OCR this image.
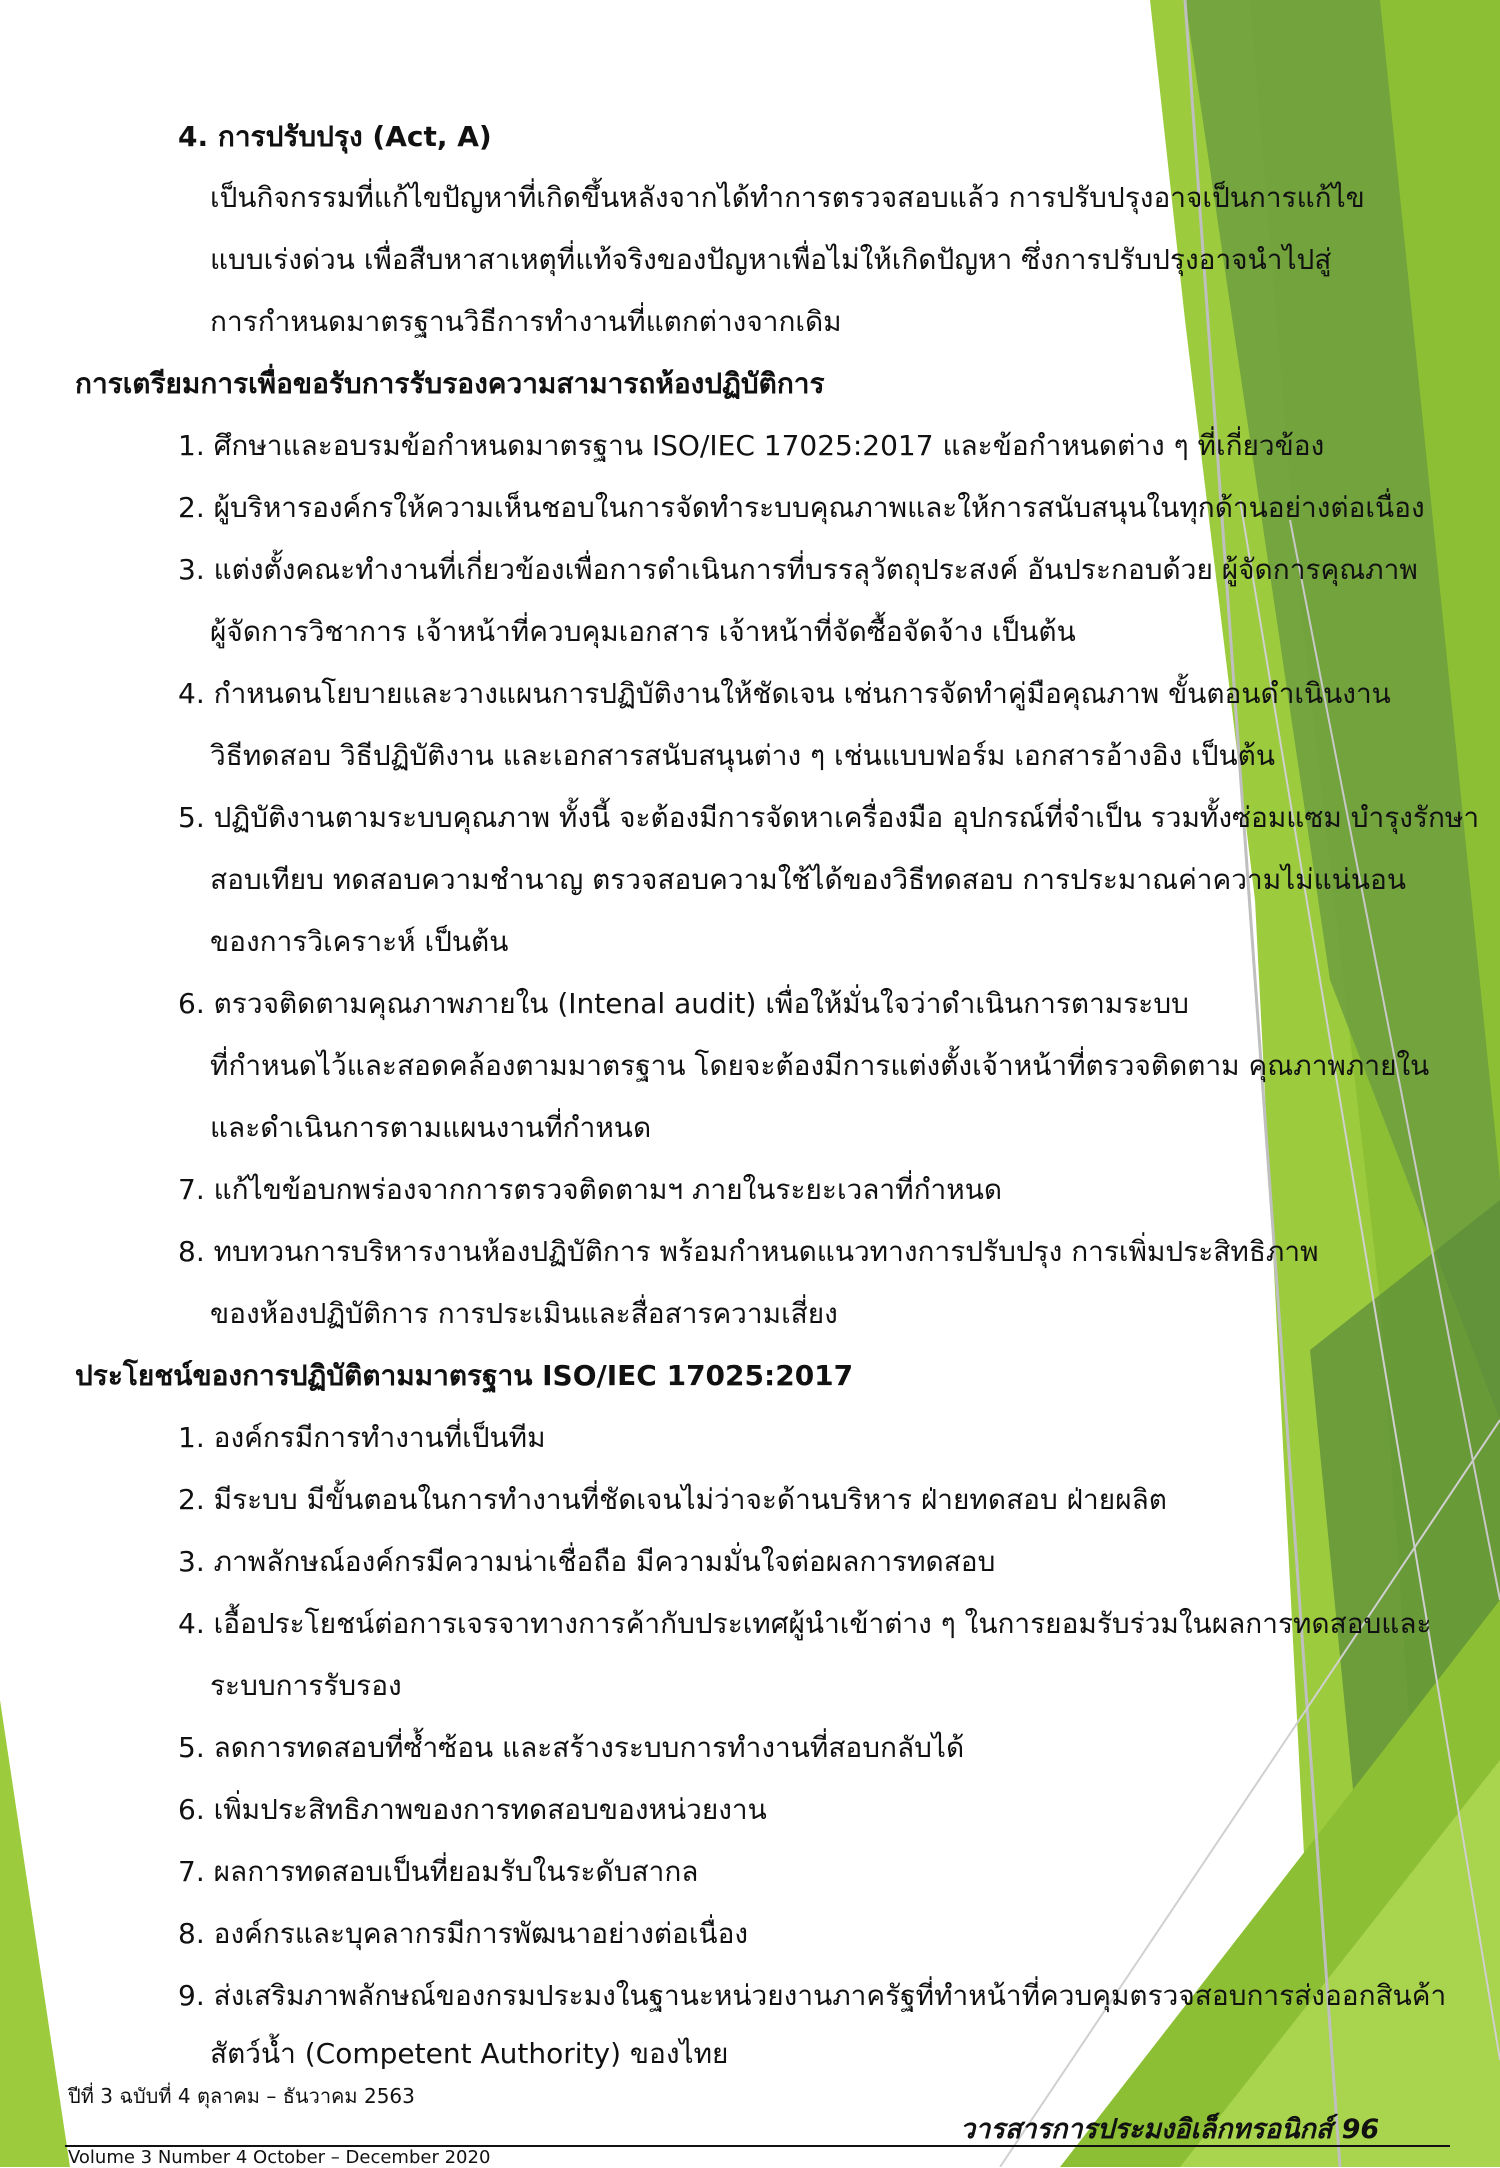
4. การปรับปรุง (Act, A)
เป็นกิจกรรมที่แก้ไขปัญหาที่เกิดขึ้นหลังจากได้ทำการตรวจสอบแล้ว การปรับปรุงอาจเป็นการแก้ไข
แบบเร่งด่วน เพื่อสืบหาสาเหตุที่แท้จริงของปัญหาเพื่อไม่ให้เกิดปัญหา ซึ่งการปรับปรุงอาจนำไปสู่
การกำหนดมาตรฐานวิธีการทำงานที่แตกต่างจากเดิม
การเตรียมการเพื่อขอรับการรับรองความสามารถห้องปฏิบัติการ
1. ศึกษาและอบรมข้อกำหนดมาตรฐาน ISO/IEC 17025:2017 และข้อกำหนดต่าง ๆ ที่เกี่ยวข้อง
2. ผู้บริหารองค์กรให้ความเห็นชอบในการจัดทำระบบคุณภาพและให้การสนับสนุนในทุกด้านอย่างต่อเนื่อง
3. แต่งตั้งคณะทำงานที่เกี่ยวข้องเพื่อการดำเนินการที่บรรลุวัตถุประสงค์ อันประกอบด้วย ผู้จัดการคุณภาพ
ผู้จัดการวิชาการ เจ้าหน้าที่ควบคุมเอกสาร เจ้าหน้าที่จัดซื้อจัดจ้าง เป็นต้น
4. กำหนดนโยบายและวางแผนการปฏิบัติงานให้ชัดเจน เช่นการจัดทำคู่มือคุณภาพ ขั้นตอนดำเนินงาน
วิธีทดสอบ วิธีปฏิบัติงาน และเอกสารสนับสนุนต่าง ๆ เช่นแบบฟอร์ม เอกสารอ้างอิง เป็นต้น
5. ปฏิบัติงานตามระบบคุณภาพ ทั้งนี้ จะต้องมีการจัดหาเครื่องมือ อุปกรณ์ที่จำเป็น รวมทั้งซ่อมแซม บำรุงรักษา
สอบเทียบ ทดสอบความชำนาญ ตรวจสอบความใช้ได้ของวิธีทดสอบ การประมาณค่าความไม่แน่นอน
ของการวิเคราะห์ เป็นต้น
6. ตรวจติดตามคุณภาพภายใน (Intenal audit) เพื่อให้มั่นใจว่าดำเนินการตามระบบ
ที่กำหนดไว้และสอดคล้องตามมาตรฐาน โดยจะต้องมีการแต่งตั้งเจ้าหน้าที่ตรวจติดตาม คุณภาพภายใน
และดำเนินการตามแผนงานที่กำหนด
7. แก้ไขข้อบกพร่องจากการตรวจติดตามฯ ภายในระยะเวลาที่กำหนด
8. ทบทวนการบริหารงานห้องปฏิบัติการ พร้อมกำหนดแนวทางการปรับปรุง การเพิ่มประสิทธิภาพ
ของห้องปฏิบัติการ การประเมินและสื่อสารความเสี่ยง
ประโยชน์ของการปฏิบัติตามมาตรฐาน ISO/IEC 17025:2017
1. องค์กรมีการทำงานที่เป็นทีม
2. มีระบบ มีขั้นตอนในการทำงานที่ชัดเจนไม่ว่าจะด้านบริหาร ฝ่ายทดสอบ ฝ่ายผลิต
3. ภาพลักษณ์องค์กรมีความน่าเชื่อถือ มีความมั่นใจต่อผลการทดสอบ
4. เอื้อประโยชน์ต่อการเจรจาทางการค้ากับประเทศผู้นำเข้าต่าง ๆ ในการยอมรับร่วมในผลการทดสอบและ
ระบบการรับรอง
5. ลดการทดสอบที่ซ้ำซ้อน และสร้างระบบการทำงานที่สอบกลับได้
6. เพิ่มประสิทธิภาพของการทดสอบของหน่วยงาน
7. ผลการทดสอบเป็นที่ยอมรับในระดับสากล
8. องค์กรและบุคลากรมีการพัฒนาอย่างต่อเนื่อง
9. ส่งเสริมภาพลักษณ์ของกรมประมงในฐานะหน่วยงานภาครัฐที่ทำหน้าที่ควบคุมตรวจสอบการส่งออกสินค้า
สัตว์น้ำ (Competent Authority) ของไทย
ปีที่ 3 ฉบับที่ 4 ตุลาคม – ธันวาคม 2563
วารสารการประมงอิเล็กทรอนิกส์ 96
Volume 3 Number 4 October – December 2020
